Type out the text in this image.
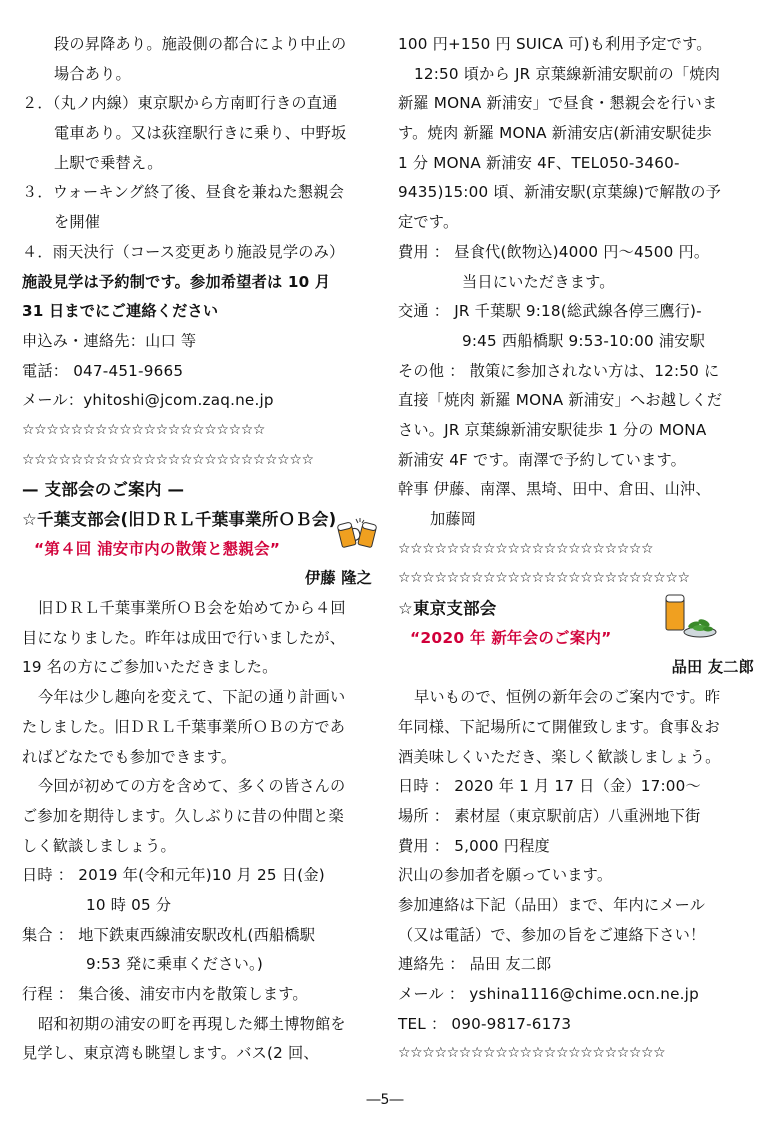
段の昇降あり。施設側の都合により中止の
場合あり。
２．（丸ノ内線）東京駅から方南町行きの直通
電車あり。又は荻窪駅行きに乗り、中野坂
上駅で乗替え。
３．ウォーキング終了後、昼食を兼ねた懇親会
を開催
４．雨天決行（コース変更あり施設見学のみ）
施設見学は予約制です。参加希望者は 10 月
31 日までにご連絡ください
申込み・連絡先：山口 等
電話： 047-451-9665
メール：yhitoshi@jcom.zaq.ne.jp
☆☆☆☆☆☆☆☆☆☆☆☆☆☆☆☆☆☆☆☆
☆☆☆☆☆☆☆☆☆☆☆☆☆☆☆☆☆☆☆☆☆☆☆☆
— 支部会のご案内 —
☆千葉支部会(旧ＤＲＬ千葉事業所ＯＢ会)
“第４回 浦安市内の散策と懇親会”
伊藤 隆之
旧ＤＲＬ千葉事業所ＯＢ会を始めてから４回
目になりました。昨年は成田で行いましたが、
19 名の方にご参加いただきました。
今年は少し趣向を変えて、下記の通り計画い
たしました。旧ＤＲＬ千葉事業所ＯＢの方であ
ればどなたでも参加できます。
今回が初めての方を含めて、多くの皆さんの
ご参加を期待します。久しぶりに昔の仲間と楽
しく歓談しましょう。
日時 ： 2019 年(令和元年)10 月 25 日(金)
10 時 05 分
集合 ： 地下鉄東西線浦安駅改札(西船橋駅
9:53 発に乗車ください。)
行程 ： 集合後、浦安市内を散策します。
昭和初期の浦安の町を再現した郷土博物館を
見学し、東京湾も眺望します。バス(2 回、
100 円+150 円 SUICA 可)も利用予定です。
12:50 頃から JR 京葉線新浦安駅前の「焼肉
新羅 MONA 新浦安」で昼食・懇親会を行いま
す。焼肉 新羅 MONA 新浦安店(新浦安駅徒歩
1 分 MONA 新浦安 4F、TEL050-3460-
9435)15:00 頃、新浦安駅(京葉線)で解散の予
定です。
費用 ： 昼食代(飲物込)4000 円～4500 円。
当日にいただきます。
交通 ： JR 千葉駅 9:18(総武線各停三鷹行)-
9:45 西船橋駅 9:53-10:00 浦安駅
その他 ： 散策に参加されない方は、12:50 に
直接「焼肉 新羅 MONA 新浦安」へお越しくだ
さい。JR 京葉線新浦安駅徒歩 1 分の MONA
新浦安 4F です。南澤で予約しています。
幹事 伊藤、南澤、黒埼、田中、倉田、山沖、
加藤岡
☆☆☆☆☆☆☆☆☆☆☆☆☆☆☆☆☆☆☆☆☆
☆☆☆☆☆☆☆☆☆☆☆☆☆☆☆☆☆☆☆☆☆☆☆☆
☆東京支部会
“2020 年 新年会のご案内”
品田 友二郎
早いもので、恒例の新年会のご案内です。昨
年同様、下記場所にて開催致します。食事＆お
酒美味しくいただき、楽しく歓談しましょう。
日時 ： 2020 年 1 月 17 日（金）17:00～
場所 ： 素材屋（東京駅前店）八重洲地下街
費用 ： 5,000 円程度
沢山の参加者を願っています。
参加連絡は下記（品田）まで、年内にメール
（又は電話）で、参加の旨をご連絡下さい！
連絡先 ： 品田 友二郎
メール ： yshina1116@chime.ocn.ne.jp
TEL ： 090-9817-6173
☆☆☆☆☆☆☆☆☆☆☆☆☆☆☆☆☆☆☆☆☆☆
―5―
